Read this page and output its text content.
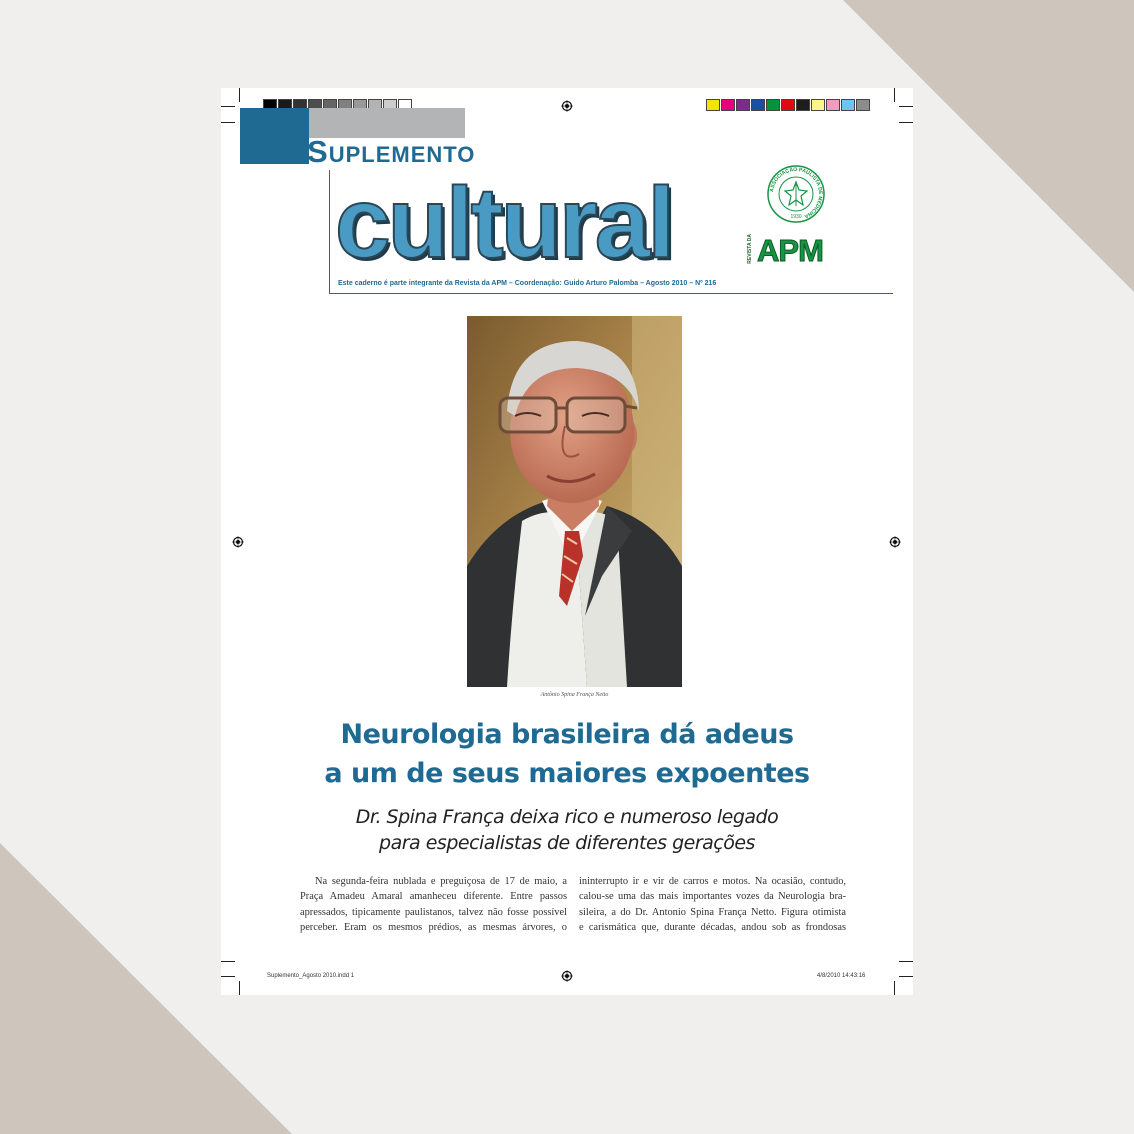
SUPLEMENTO
cultural
Este caderno é parte integrante da Revista da APM – Coordenação: Guido Arturo Palomba – Agosto 2010 – Nº 216
ASSOCIAÇÃO PAULISTA DE MEDICINA
1930
REVISTA DA APM
Antônio Spina França Netto
Neurologia brasileira dá adeus
a um de seus maiores expoentes
Dr. Spina França deixa rico e numeroso legado
para especialistas de diferentes gerações
Na segunda-feira nublada e preguiçosa de 17 de maio, a
Praça Amadeu Amaral amanheceu diferente. Entre passos
apressados, tipicamente paulistanos, talvez não fosse possível
perceber. Eram os mesmos prédios, as mesmas árvores, o
ininterrupto ir e vir de carros e motos. Na ocasião, contudo,
calou-se uma das mais importantes vozes da Neurologia bra-
sileira, a do Dr. Antonio Spina França Netto. Figura otimista
e carismática que, durante décadas, andou sob as frondosas
Suplemento_Agosto 2010.indd 1	4/8/2010 14:43:16
